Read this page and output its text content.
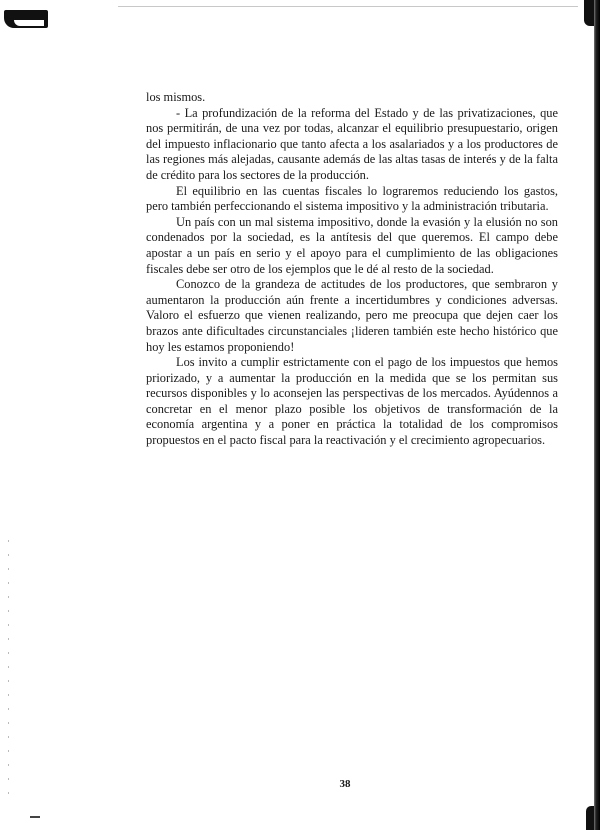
los mismos.

- La profundización de la reforma del Estado y de las privatizaciones, que nos permitirán, de una vez por todas, alcanzar el equilibrio presupuestario, origen del impuesto inflacionario que tanto afecta a los asalariados y a los productores de las regiones más alejadas, causante además de las altas tasas de interés y de la falta de crédito para los sectores de la producción.

El equilibrio en las cuentas fiscales lo lograremos reduciendo los gastos, pero también perfeccionando el sistema impositivo y la administración tributaria.

Un país con un mal sistema impositivo, donde la evasión y la elusión no son condenados por la sociedad, es la antítesis del que queremos. El campo debe apostar a un país en serio y el apoyo para el cumplimiento de las obligaciones fiscales debe ser otro de los ejemplos que le dé al resto de la sociedad.

Conozco de la grandeza de actitudes de los productores, que sembraron y aumentaron la producción aún frente a incertidumbres y condiciones adversas. Valoro el esfuerzo que vienen realizando, pero me preocupa que dejen caer los brazos ante dificultades circunstanciales ¡lideren también este hecho histórico que hoy les estamos proponiendo!

Los invito a cumplir estrictamente con el pago de los impuestos que hemos priorizado, y a aumentar la producción en la medida que se los permitan sus recursos disponibles y lo aconsejen las perspectivas de los mercados. Ayúdennos a concretar en el menor plazo posible los objetivos de transformación de la economía argentina y a poner en práctica la totalidad de los compromisos propuestos en el pacto fiscal para la reactivación y el crecimiento agropecuarios.

38
